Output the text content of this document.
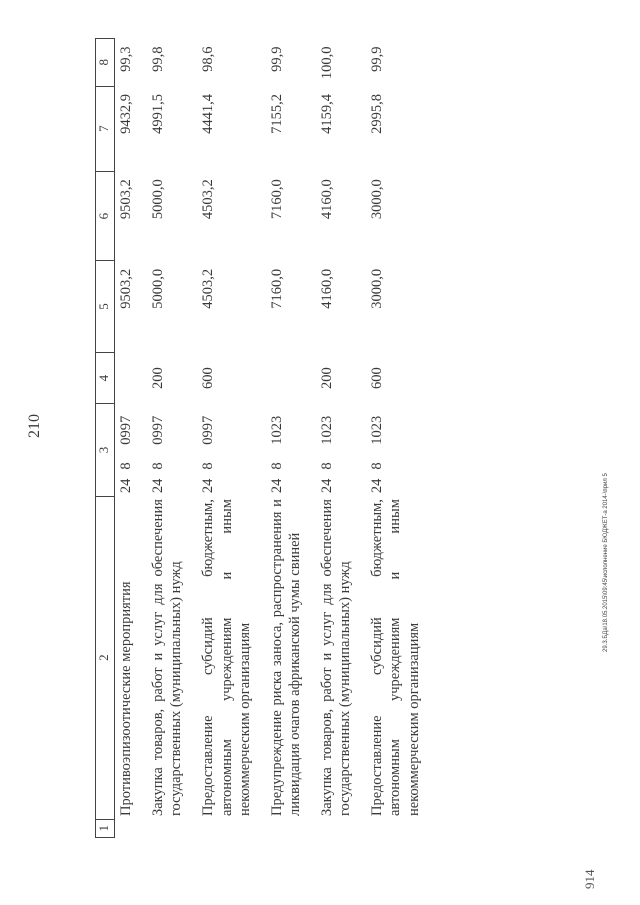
210
1	2	3			4	5	6	7	8
	Противоэпизоотические мероприятия	24	8	0997		9503,2	9503,2	9432,9	99,3
	Закупка товаров, работ и услуг для обеспечения государственных (муниципальных) нужд	24	8	0997	200	5000,0	5000,0	4991,5	99,8
	Предоставление субсидий бюджетным, автономным учреждениям и иным некоммерческим организациям	24	8	0997	600	4503,2	4503,2	4441,4	98,6
	Предупреждение риска заноса, распространения и ликвидация очагов африканской чумы свиней	24	8	1023		7160,0	7160,0	7155,2	99,9
	Закупка товаров, работ и услуг для обеспечения государственных (муниципальных) нужд	24	8	1023	200	4160,0	4160,0	4159,4	100,0
	Предоставление субсидий бюджетным, автономным учреждениям и иным некоммерческим организациям	24	8	1023	600	3000,0	3000,0	2995,8	99,9
29.3.БДа\18.05.2015\09:45\исполнение БЮДЖЕТ-а 2014-\прил 5
914
